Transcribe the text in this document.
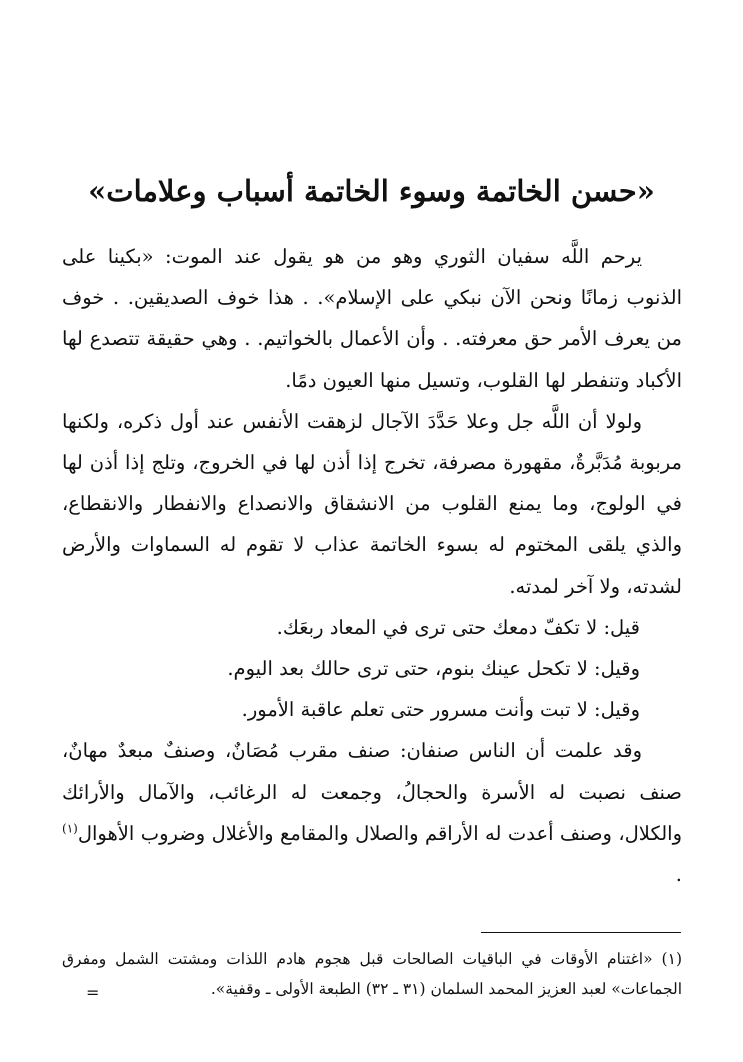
«حسن الخاتمة وسوء الخاتمة أسباب وعلامات»

يرحم اللَّه سفيان الثوري وهو من هو يقول عند الموت: «بكينا على الذنوب زمانًا ونحن الآن نبكي على الإسلام». . هذا خوف الصديقين. . خوف من يعرف الأمر حق معرفته. . وأن الأعمال بالخواتيم. . وهي حقيقة تتصدع لها الأكباد وتنفطر لها القلوب، وتسيل منها العيون دمًا.

ولولا أن اللَّه جل وعلا حَدَّدَ الآجال لزهقت الأنفس عند أول ذكره، ولكنها مربوبة مُدَبَّرةٌ، مقهورة مصرفة، تخرج إذا أذن لها في الخروج، وتلج إذا أذن لها في الولوج، وما يمنع القلوب من الانشقاق والانصداع والانفطار والانقطاع، والذي يلقى المختوم له بسوء الخاتمة عذاب لا تقوم له السماوات والأرض لشدته، ولا آخر لمدته.

قيل: لا تكفّ دمعك حتى ترى في المعاد ربعَك.

وقيل: لا تكحل عينك بنوم، حتى ترى حالك بعد اليوم.

وقيل: لا تبت وأنت مسرور حتى تعلم عاقبة الأمور.

وقد علمت أن الناس صنفان: صنف مقرب مُصَانٌ، وصنفٌ مبعدٌ مهانٌ، صنف نصبت له الأسرة والحجالُ، وجمعت له الرغائب، والآمال والأرائك والكلال، وصنف أعدت له الأراقم والصلال والمقامع والأغلال وضروب الأهوال$^{(١)}$ .

(١) «اغتنام الأوقات في الباقيات الصالحات قبل هجوم هادم اللذات ومشتت الشمل ومفرق الجماعات» لعبد العزيز المحمد السلمان (٣١ ـ ٣٢) الطبعة الأولى ـ وقفية».

=
